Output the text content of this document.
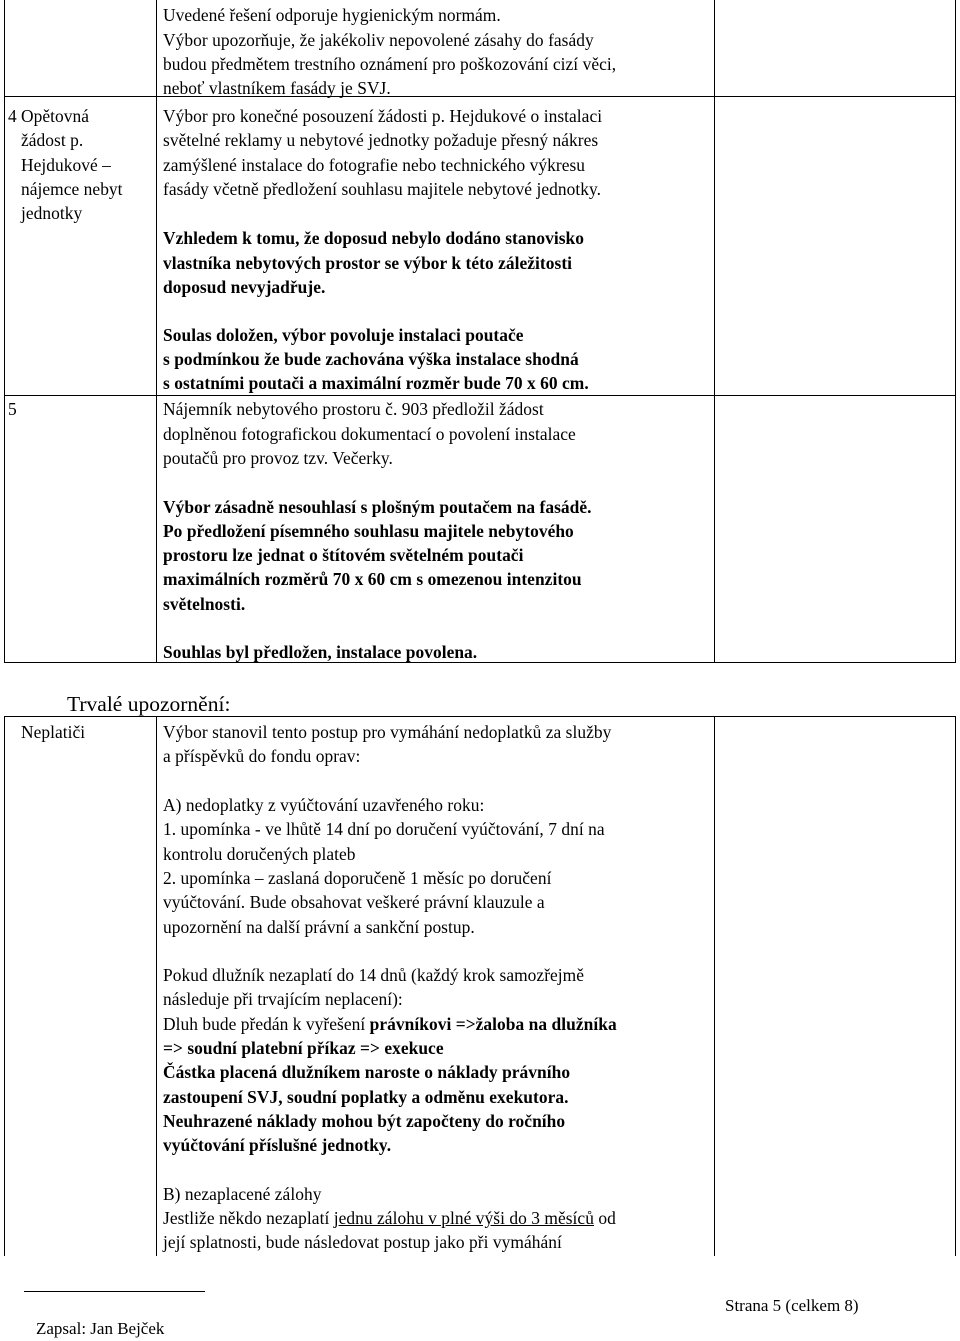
Uvedené řešení odporuje hygienickým normám.
Výbor upozorňuje, že jakékoliv nepovolené zásahy do fasády
budou předmětem trestního oznámení pro poškozování cizí věci,
neboť vlastníkem fasády je SVJ.
4 Opětovná
žádost p.
Hejdukové –
nájemce nebyt
jednotky
Výbor pro konečné posouzení žádosti p. Hejdukové o instalaci
světelné reklamy u nebytové jednotky požaduje přesný nákres
zamýšlené instalace do fotografie nebo technického výkresu
fasády včetně předložení souhlasu majitele nebytové jednotky.
Vzhledem k tomu, že doposud nebylo dodáno stanovisko
vlastníka nebytových prostor se výbor k této záležitosti
doposud nevyjadřuje.
Soulas doložen, výbor povoluje instalaci poutače
s podmínkou že bude zachována výška instalace shodná
s ostatními poutači a maximální rozměr bude 70 x 60 cm.
5	Nájemník nebytového prostoru č. 903 předložil žádost
doplněnou fotografickou dokumentací o povolení instalace
poutačů pro provoz tzv. Večerky.
Výbor zásadně nesouhlasí s plošným poutačem na fasádě.
Po předložení písemného souhlasu majitele nebytového
prostoru lze jednat o štítovém světelném poutači
maximálních rozměrů 70 x 60 cm s omezenou intenzitou
světelnosti.
Souhlas byl předložen, instalace povolena.
Trvalé upozornění:
Neplatiči	Výbor stanovil tento postup pro vymáhání nedoplatků za služby
a příspěvků do fondu oprav:
A) nedoplatky z vyúčtování uzavřeného roku:
1. upomínka - ve lhůtě 14 dní po doručení vyúčtování, 7 dní na
kontrolu doručených plateb
2. upomínka – zaslaná doporučeně 1 měsíc po doručení
vyúčtování. Bude obsahovat veškeré právní klauzule a
upozornění na další právní a sankční postup.
Pokud dlužník nezaplatí do 14 dnů (každý krok samozřejmě
následuje při trvajícím neplacení):
Dluh bude předán k vyřešení právníkovi =>žaloba na dlužníka
=> soudní platební příkaz => exekuce
Částka placená dlužníkem naroste o náklady právního
zastoupení SVJ, soudní poplatky a odměnu exekutora.
Neuhrazené náklady mohou být započteny do ročního
vyúčtování příslušné jednotky.
B) nezaplacené zálohy
Jestliže někdo nezaplatí jednu zálohu v plné výši do 3 měsíců od
její splatnosti, bude následovat postup jako při vymáhání
Zapsal: Jan Bejček
Strana 5 (celkem 8)
